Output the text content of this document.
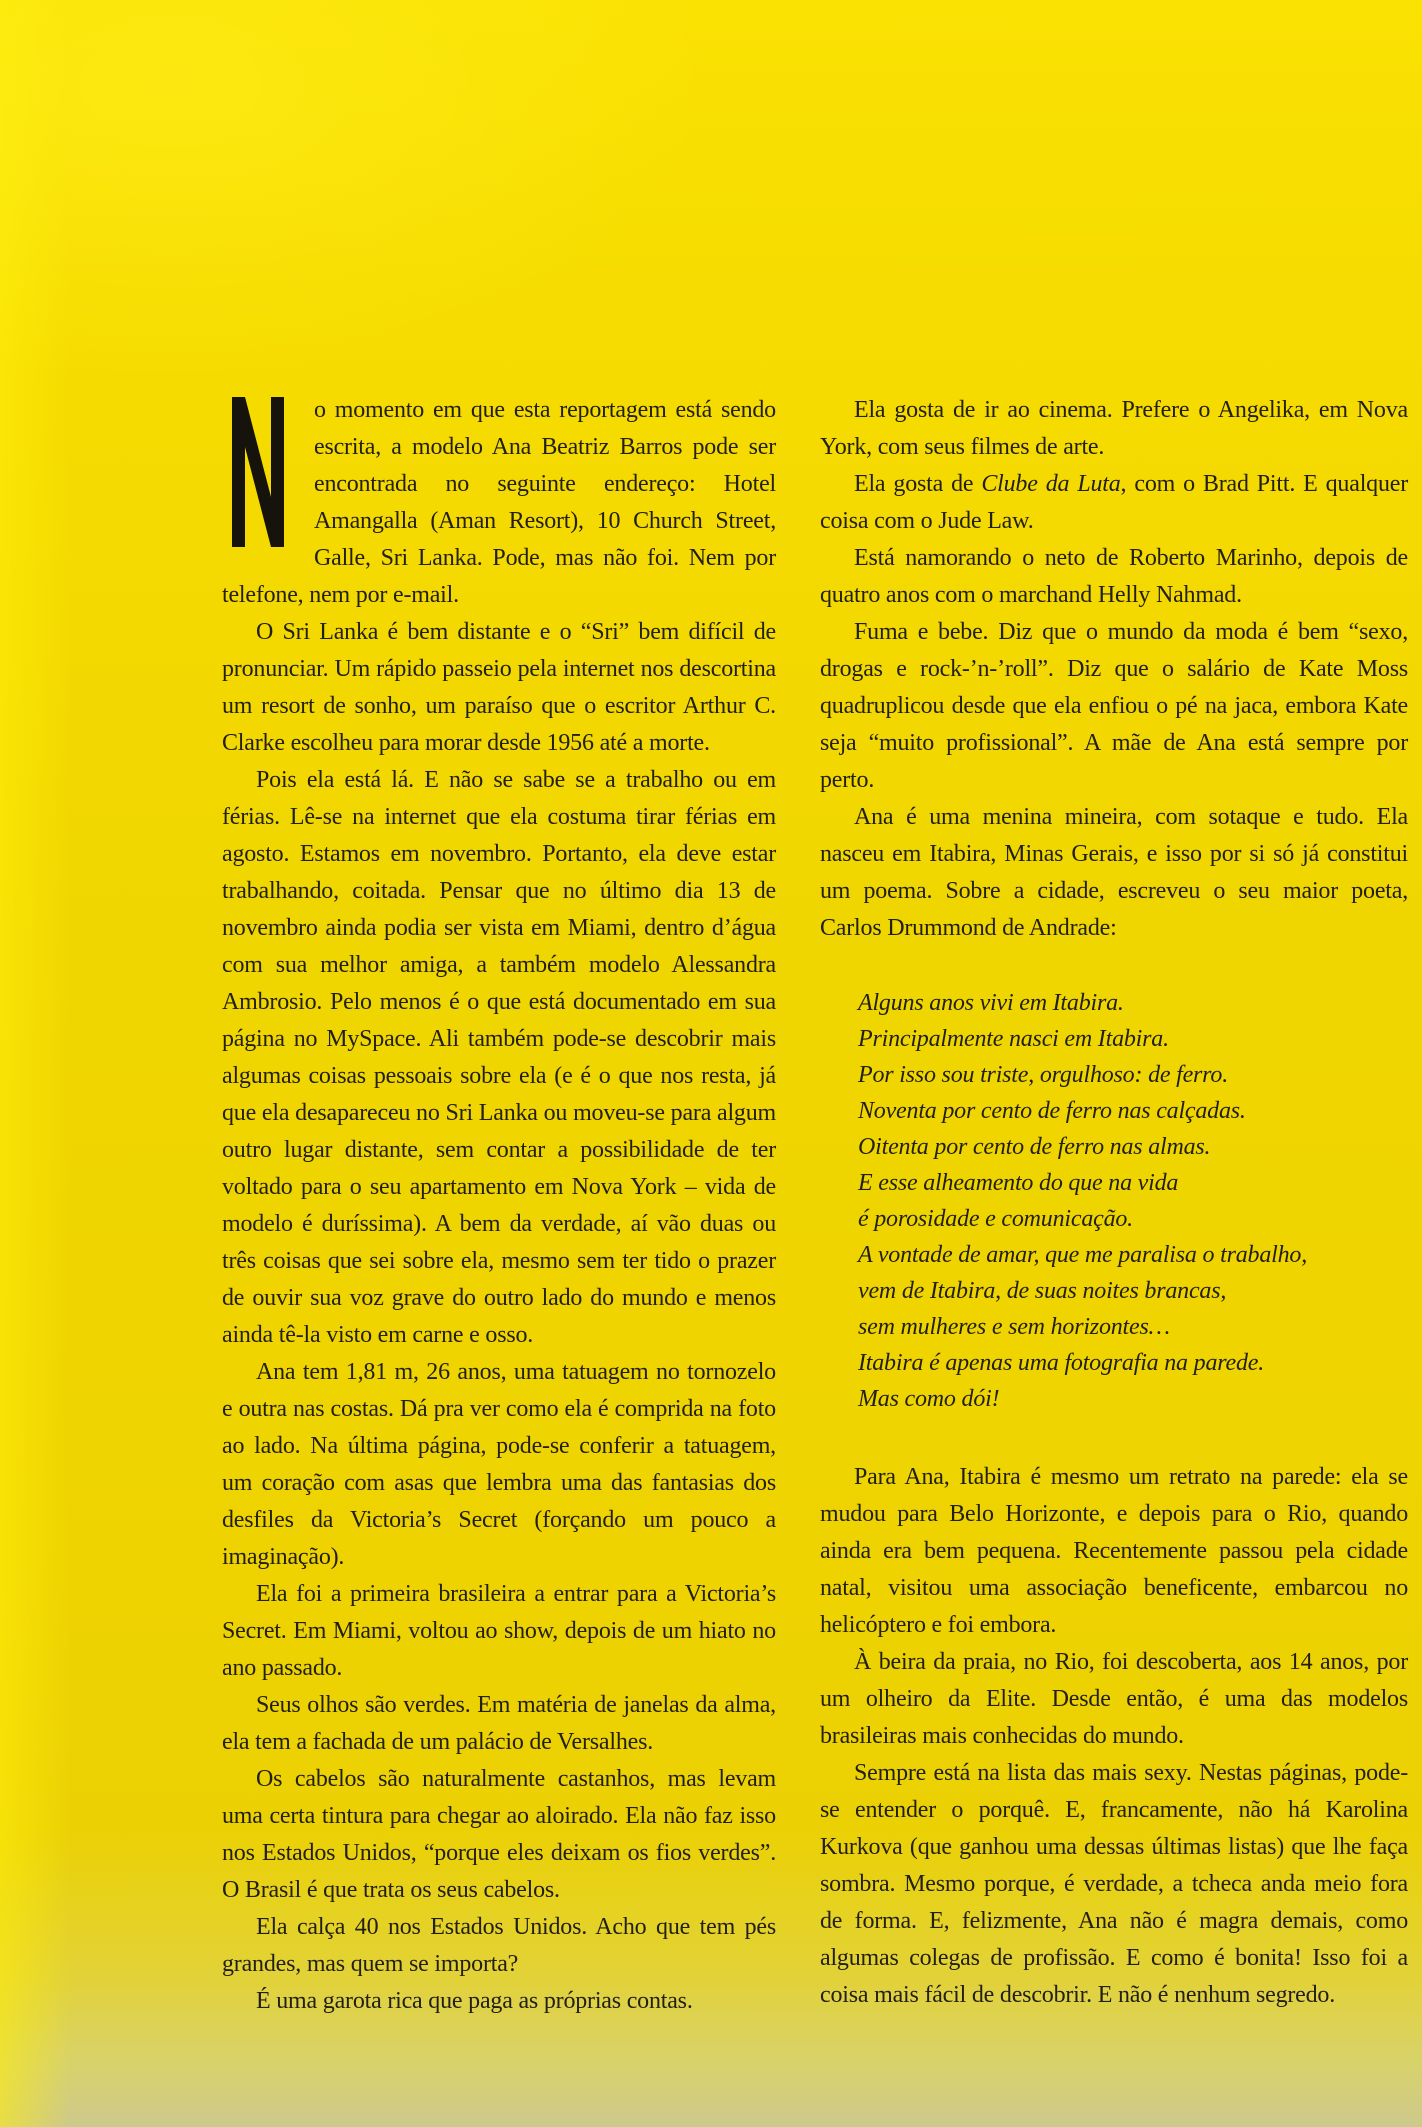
o momento em que esta reportagem está sendo escrita, a modelo Ana Beatriz Barros pode ser encontrada no seguinte endereço: Hotel Amangalla (Aman Resort), 10 Church Street, Galle, Sri Lanka. Pode, mas não foi. Nem por telefone, nem por e-mail.

O Sri Lanka é bem distante e o “Sri” bem difícil de pronunciar. Um rápido passeio pela internet nos descortina um resort de sonho, um paraíso que o escritor Arthur C. Clarke escolheu para morar desde 1956 até a morte.

Pois ela está lá. E não se sabe se a trabalho ou em férias. Lê-se na internet que ela costuma tirar férias em agosto. Estamos em novembro. Portanto, ela deve estar trabalhando, coitada. Pensar que no último dia 13 de novembro ainda podia ser vista em Miami, dentro d’água com sua melhor amiga, a também modelo Alessandra Ambrosio. Pelo menos é o que está documentado em sua página no MySpace. Ali também pode-se descobrir mais algumas coisas pessoais sobre ela (e é o que nos resta, já que ela desapareceu no Sri Lanka ou moveu-se para algum outro lugar distante, sem contar a possibilidade de ter voltado para o seu apartamento em Nova York – vida de modelo é duríssima). A bem da verdade, aí vão duas ou três coisas que sei sobre ela, mesmo sem ter tido o prazer de ouvir sua voz grave do outro lado do mundo e menos ainda tê-la visto em carne e osso.

Ana tem 1,81 m, 26 anos, uma tatuagem no tornozelo e outra nas costas. Dá pra ver como ela é comprida na foto ao lado. Na última página, pode-se conferir a tatuagem, um coração com asas que lembra uma das fantasias dos desfiles da Victoria’s Secret (forçando um pouco a imaginação).

Ela foi a primeira brasileira a entrar para a Victoria’s Secret. Em Miami, voltou ao show, depois de um hiato no ano passado.

Seus olhos são verdes. Em matéria de janelas da alma, ela tem a fachada de um palácio de Versalhes.

Os cabelos são naturalmente castanhos, mas levam uma certa tintura para chegar ao aloirado. Ela não faz isso nos Estados Unidos, “porque eles deixam os fios verdes”. O Brasil é que trata os seus cabelos.

Ela calça 40 nos Estados Unidos. Acho que tem pés grandes, mas quem se importa?

É uma garota rica que paga as próprias contas.

Ela gosta de ir ao cinema. Prefere o Angelika, em Nova York, com seus filmes de arte.

Ela gosta de Clube da Luta, com o Brad Pitt. E qualquer coisa com o Jude Law.

Está namorando o neto de Roberto Marinho, depois de quatro anos com o marchand Helly Nahmad.

Fuma e bebe. Diz que o mundo da moda é bem “sexo, drogas e rock-’n-’roll”. Diz que o salário de Kate Moss quadruplicou desde que ela enfiou o pé na jaca, embora Kate seja “muito profissional”. A mãe de Ana está sempre por perto.

Ana é uma menina mineira, com sotaque e tudo. Ela nasceu em Itabira, Minas Gerais, e isso por si só já constitui um poema. Sobre a cidade, escreveu o seu maior poeta, Carlos Drummond de Andrade:

Alguns anos vivi em Itabira.
Principalmente nasci em Itabira.
Por isso sou triste, orgulhoso: de ferro.
Noventa por cento de ferro nas calçadas.
Oitenta por cento de ferro nas almas.
E esse alheamento do que na vida
é porosidade e comunicação.
A vontade de amar, que me paralisa o trabalho,
vem de Itabira, de suas noites brancas,
sem mulheres e sem horizontes…
Itabira é apenas uma fotografia na parede.
Mas como dói!

Para Ana, Itabira é mesmo um retrato na parede: ela se mudou para Belo Horizonte, e depois para o Rio, quando ainda era bem pequena. Recentemente passou pela cidade natal, visitou uma associação beneficente, embarcou no helicóptero e foi embora.

À beira da praia, no Rio, foi descoberta, aos 14 anos, por um olheiro da Elite. Desde então, é uma das modelos brasileiras mais conhecidas do mundo.

Sempre está na lista das mais sexy. Nestas páginas, pode-se entender o porquê. E, francamente, não há Karolina Kurkova (que ganhou uma dessas últimas listas) que lhe faça sombra. Mesmo porque, é verdade, a tcheca anda meio fora de forma. E, felizmente, Ana não é magra demais, como algumas colegas de profissão. E como é bonita! Isso foi a coisa mais fácil de descobrir. E não é nenhum segredo.
